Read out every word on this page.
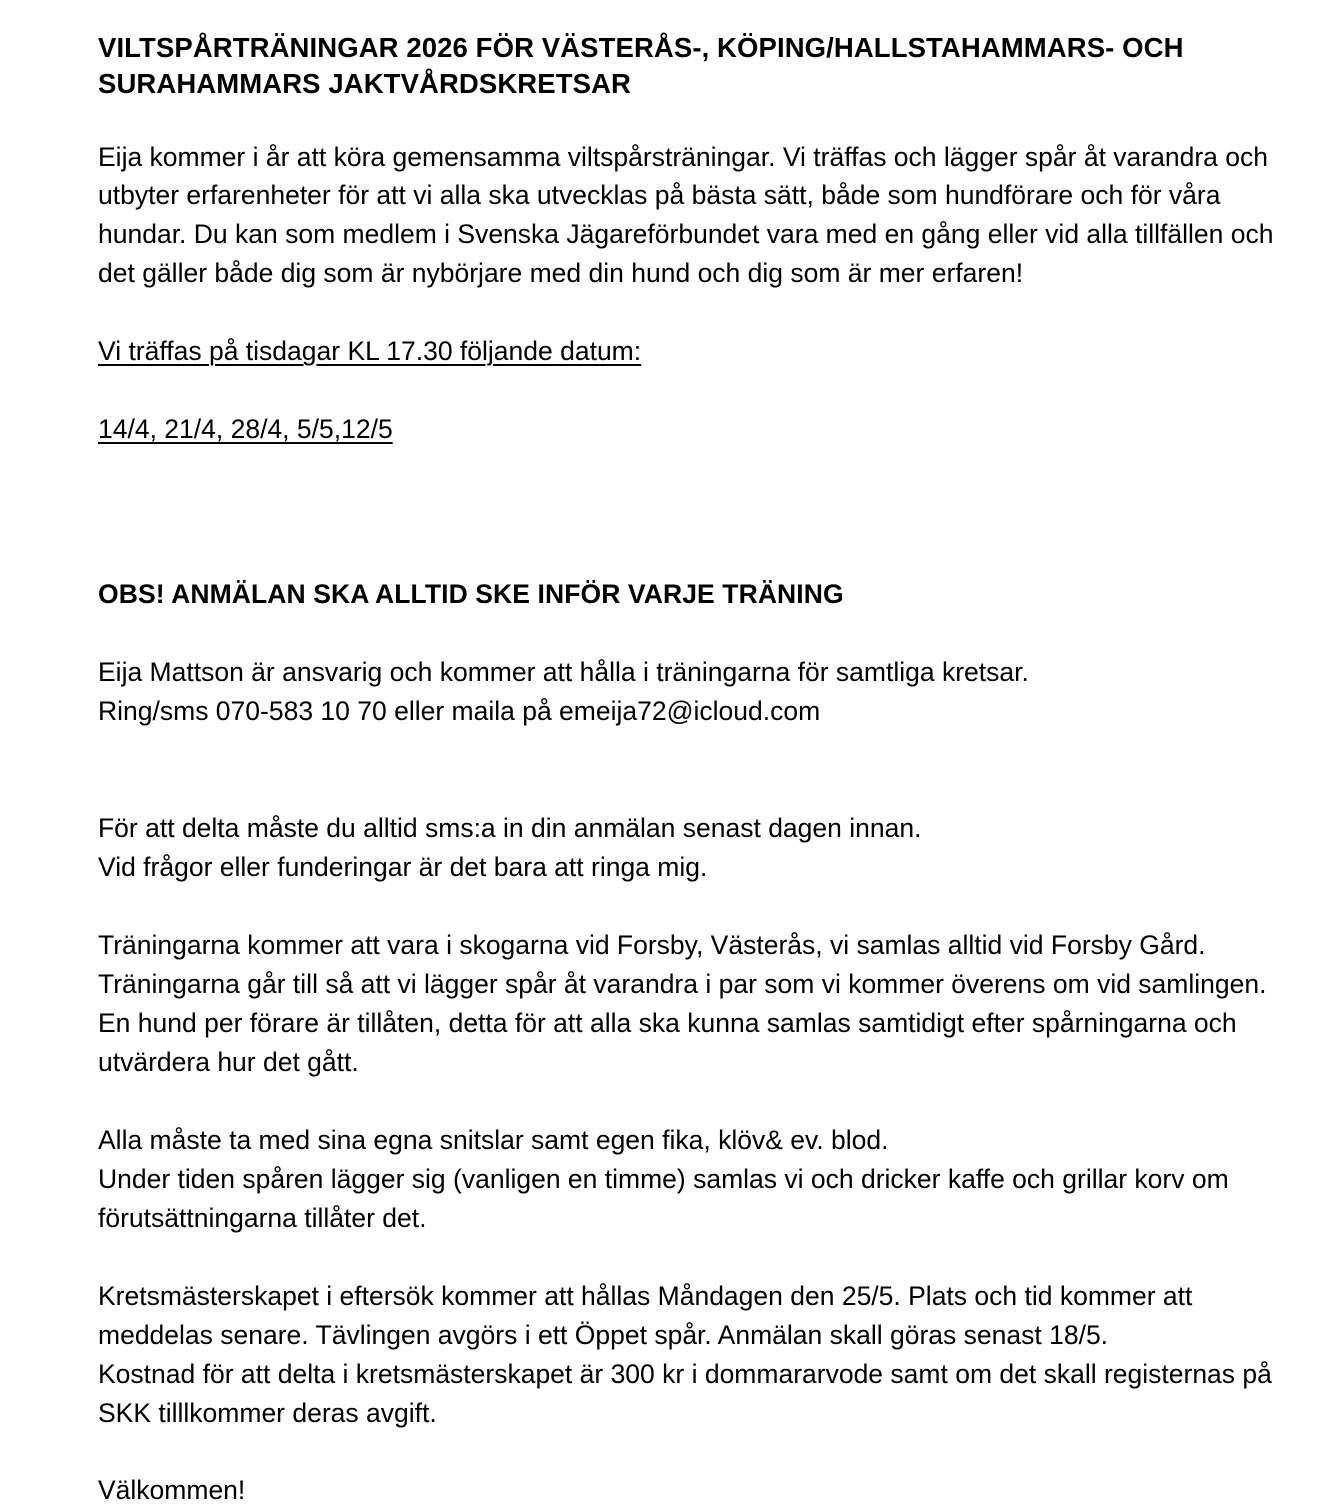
VILTSPÅRTRÄNINGAR 2026 FÖR VÄSTERÅS-, KÖPING/HALLSTAHAMMARS- OCH
SURAHAMMARS JAKTVÅRDSKRETSAR

Eija kommer i år att köra gemensamma viltspårsträningar. Vi träffas och lägger spår åt varandra och utbyter erfarenheter för att vi alla ska utvecklas på bästa sätt, både som hundförare och för våra hundar. Du kan som medlem i Svenska Jägareförbundet vara med en gång eller vid alla tillfällen och det gäller både dig som är nybörjare med din hund och dig som är mer erfaren!

Vi träffas på tisdagar KL 17.30 följande datum:

14/4, 21/4, 28/4, 5/5,12/5

OBS! ANMÄLAN SKA ALLTID SKE INFÖR VARJE TRÄNING

Eija Mattson är ansvarig och kommer att hålla i träningarna för samtliga kretsar.

Ring/sms 070-583 10 70 eller maila på emeija72@icloud.com

För att delta måste du alltid sms:a in din anmälan senast dagen innan.

Vid frågor eller funderingar är det bara att ringa mig.

Träningarna kommer att vara i skogarna vid Forsby, Västerås, vi samlas alltid vid Forsby Gård. Träningarna går till så att vi lägger spår åt varandra i par som vi kommer överens om vid samlingen. En hund per förare är tillåten, detta för att alla ska kunna samlas samtidigt efter spårningarna och utvärdera hur det gått.

Alla måste ta med sina egna snitslar samt egen fika, klöv& ev. blod.

Under tiden spåren lägger sig (vanligen en timme) samlas vi och dricker kaffe och grillar korv om förutsättningarna tillåter det.

Kretsmästerskapet i eftersök kommer att hållas Måndagen den 25/5. Plats och tid kommer att meddelas senare. Tävlingen avgörs i ett Öppet spår. Anmälan skall göras senast 18/5.

Kostnad för att delta i kretsmästerskapet är 300 kr i dommararvode samt om det skall registernas på SKK tilllkommer deras avgift.

Välkommen!
